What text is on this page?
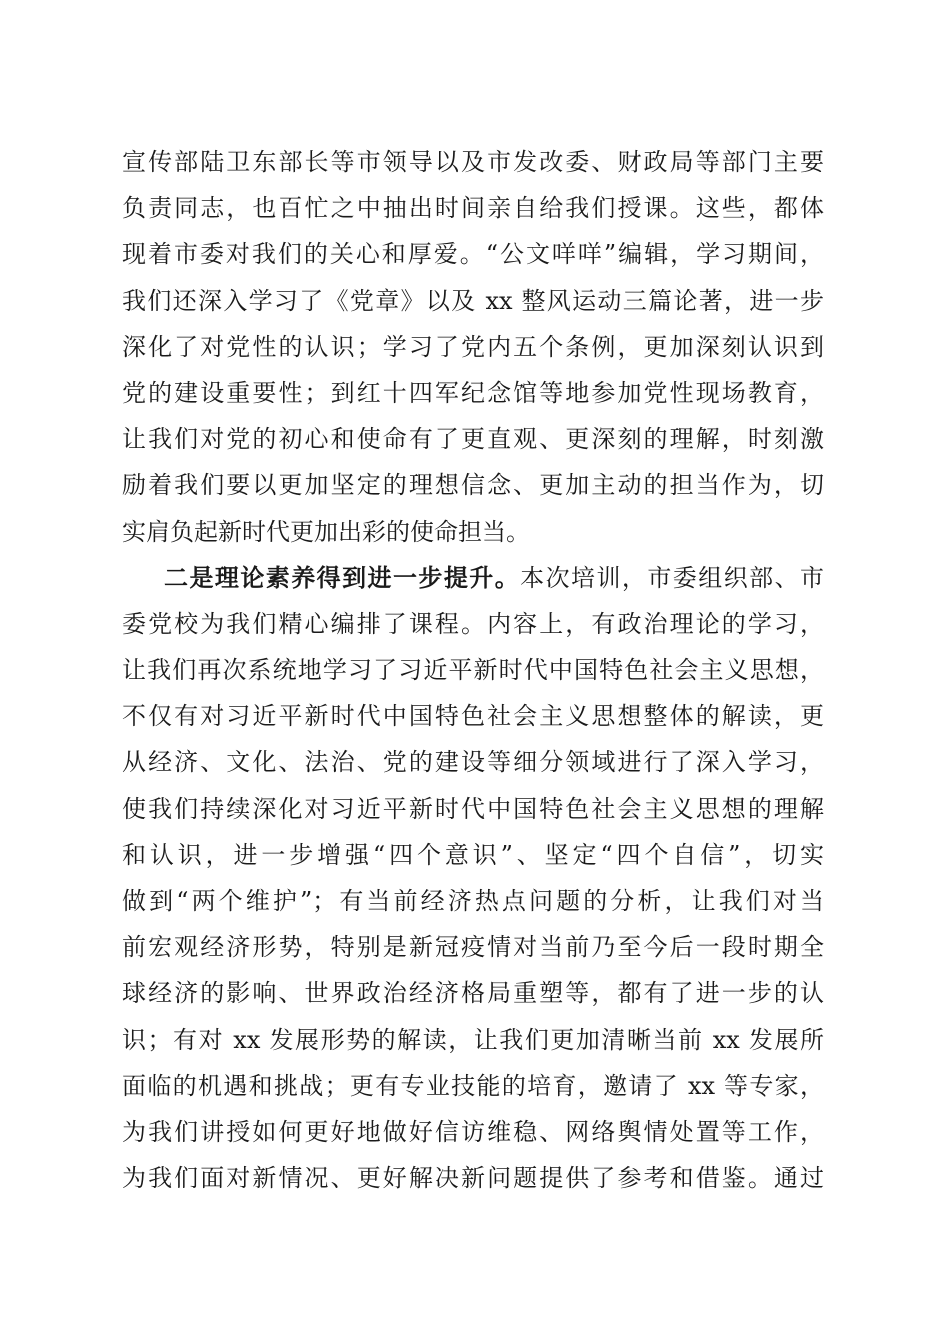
宣传部陆卫东部长等市领导以及市发改委、财政局等部门主要
负责同志，也百忙之中抽出时间亲自给我们授课。这些，都体
现着市委对我们的关心和厚爱。“公文咩咩”编辑，学习期间，
我们还深入学习了《党章》以及 xx 整风运动三篇论著，进一步
深化了对党性的认识；学习了党内五个条例，更加深刻认识到
党的建设重要性；到红十四军纪念馆等地参加党性现场教育，
让我们对党的初心和使命有了更直观、更深刻的理解，时刻激
励着我们要以更加坚定的理想信念、更加主动的担当作为，切
实肩负起新时代更加出彩的使命担当。
二是理论素养得到进一步提升。本次培训，市委组织部、市
委党校为我们精心编排了课程。内容上，有政治理论的学习，
让我们再次系统地学习了习近平新时代中国特色社会主义思想，
不仅有对习近平新时代中国特色社会主义思想整体的解读，更
从经济、文化、法治、党的建设等细分领域进行了深入学习，
使我们持续深化对习近平新时代中国特色社会主义思想的理解
和认识，进一步增强“四个意识”、坚定“四个自信”，切实
做到“两个维护”；有当前经济热点问题的分析，让我们对当
前宏观经济形势，特别是新冠疫情对当前乃至今后一段时期全
球经济的影响、世界政治经济格局重塑等，都有了进一步的认
识；有对 xx 发展形势的解读，让我们更加清晰当前 xx 发展所
面临的机遇和挑战；更有专业技能的培育，邀请了 xx 等专家，
为我们讲授如何更好地做好信访维稳、网络舆情处置等工作，
为我们面对新情况、更好解决新问题提供了参考和借鉴。通过
